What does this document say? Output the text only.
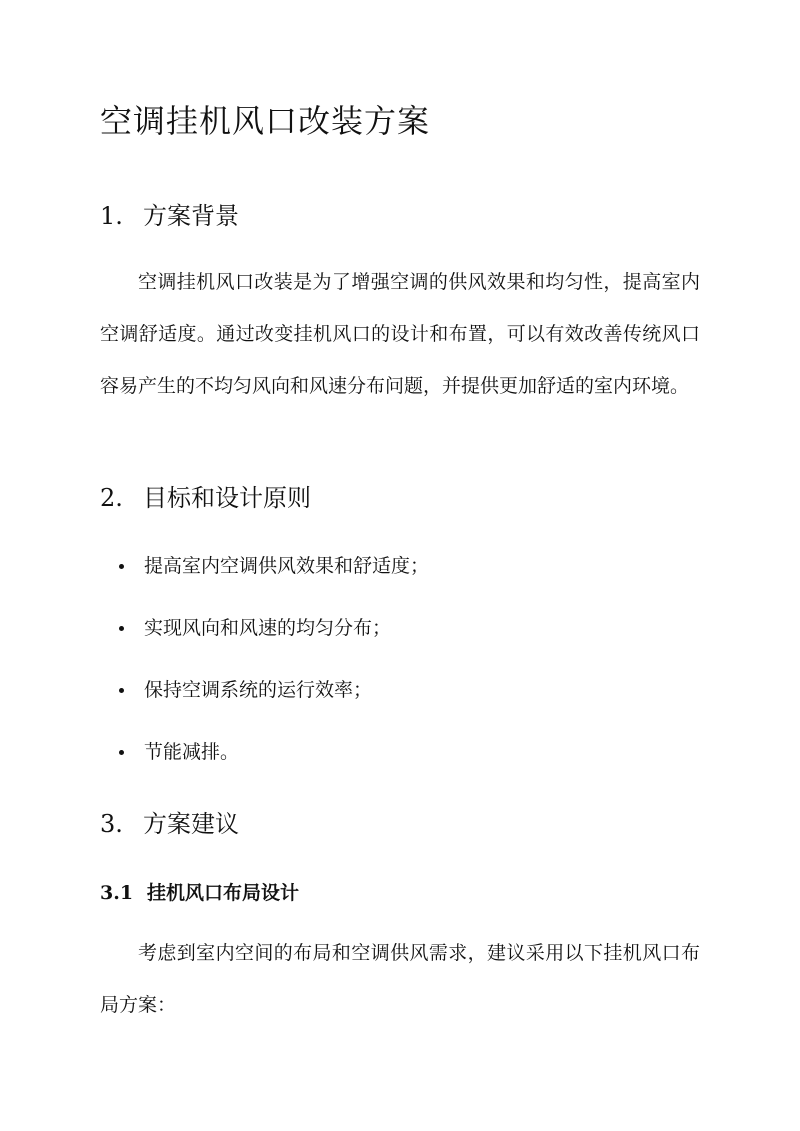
空调挂机风口改装方案
1. 方案背景

空调挂机风口改装是为了增强空调的供风效果和均匀性，提高室内空调舒适度。通过改变挂机风口的设计和布置，可以有效改善传统风口容易产生的不均匀风向和风速分布问题，并提供更加舒适的室内环境。

2. 目标和设计原则
提高室内空调供风效果和舒适度；
实现风向和风速的均匀分布；
保持空调系统的运行效率；
节能减排。
3. 方案建议
3.1 挂机风口布局设计

考虑到室内空间的布局和空调供风需求，建议采用以下挂机风口布局方案：
